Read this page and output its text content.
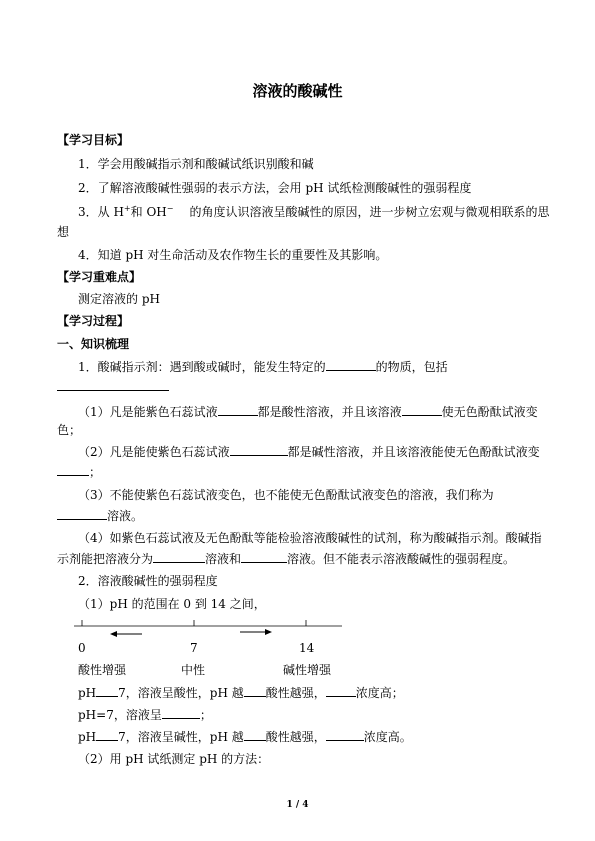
溶液的酸碱性
【学习目标】
1．学会用酸碱指示剂和酸碱试纸识别酸和碱
2．了解溶液酸碱性强弱的表示方法，会用 pH 试纸检测酸碱性的强弱程度
3．从 H+和 OH− 的角度认识溶液呈酸碱性的原因，进一步树立宏观与微观相联系的思
想
4．知道 pH 对生命活动及农作物生长的重要性及其影响。
【学习重难点】
测定溶液的 pH
【学习过程】
一、知识梳理
1．酸碱指示剂：遇到酸或碱时，能发生特定的	的物质，包括
（1）凡是能紫色石蕊试液	都是酸性溶液，并且该溶液	使无色酚酞试液变
色；
（2）凡是能使紫色石蕊试液	都是碱性溶液，并且该溶液能使无色酚酞试液变
；
（3）不能使紫色石蕊试液变色，也不能使无色酚酞试液变色的溶液，我们称为
溶液。
（4）如紫色石蕊试液及无色酚酞等能检验溶液酸碱性的试剂，称为酸碱指示剂。酸碱指
示剂能把溶液分为	溶液和	溶液。但不能表示溶液酸碱性的强弱程度。
2．溶液酸碱性的强弱程度
（1）pH 的范围在 0 到 14 之间，
0	7	14
酸性增强	中性	碱性增强
pH 7，溶液呈酸性，pH 越 酸性越强，	浓度高；
pH=7，溶液呈	；
pH 7，溶液呈碱性，pH 越 酸性越强，	浓度高。
（2）用 pH 试纸测定 pH 的方法：
1 / 4
